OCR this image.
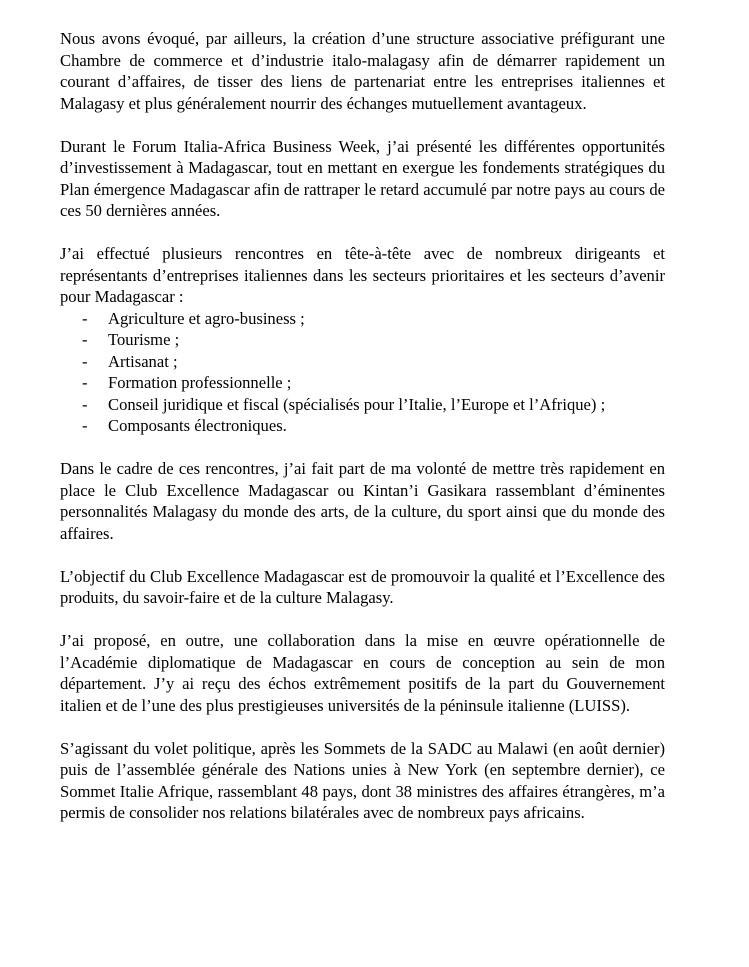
Nous avons évoqué, par ailleurs, la création d’une structure associative préfigurant une Chambre de commerce et d’industrie italo-malagasy afin de démarrer rapidement un courant d’affaires, de tisser des liens de partenariat entre les entreprises italiennes et Malagasy et plus généralement nourrir des échanges mutuellement avantageux.

Durant le Forum Italia-Africa Business Week, j’ai présenté les différentes opportunités d’investissement à Madagascar, tout en mettant en exergue les fondements stratégiques du Plan émergence Madagascar afin de rattraper le retard accumulé par notre pays au cours de ces 50 dernières années.

J’ai effectué plusieurs rencontres en tête-à-tête avec de nombreux dirigeants et représentants d’entreprises italiennes dans les secteurs prioritaires et les secteurs d’avenir pour Madagascar :

- Agriculture et agro-business ;
- Tourisme ;
- Artisanat ;
- Formation professionnelle ;
- Conseil juridique et fiscal (spécialisés pour l’Italie, l’Europe et l’Afrique) ;
- Composants électroniques.

Dans le cadre de ces rencontres, j’ai fait part de ma volonté de mettre très rapidement en place le Club Excellence Madagascar ou Kintan’i Gasikara rassemblant d’éminentes personnalités Malagasy du monde des arts, de la culture, du sport ainsi que du monde des affaires.

L’objectif du Club Excellence Madagascar est de promouvoir la qualité et l’Excellence des produits, du savoir-faire et de la culture Malagasy.

J’ai proposé, en outre, une collaboration dans la mise en œuvre opérationnelle de l’Académie diplomatique de Madagascar en cours de conception au sein de mon département. J’y ai reçu des échos extrêmement positifs de la part du Gouvernement italien et de l’une des plus prestigieuses universités de la péninsule italienne (LUISS).

S’agissant du volet politique, après les Sommets de la SADC au Malawi (en août dernier) puis de l’assemblée générale des Nations unies à New York (en septembre dernier), ce Sommet Italie Afrique, rassemblant 48 pays, dont 38 ministres des affaires étrangères, m’a permis de consolider nos relations bilatérales avec de nombreux pays africains.
